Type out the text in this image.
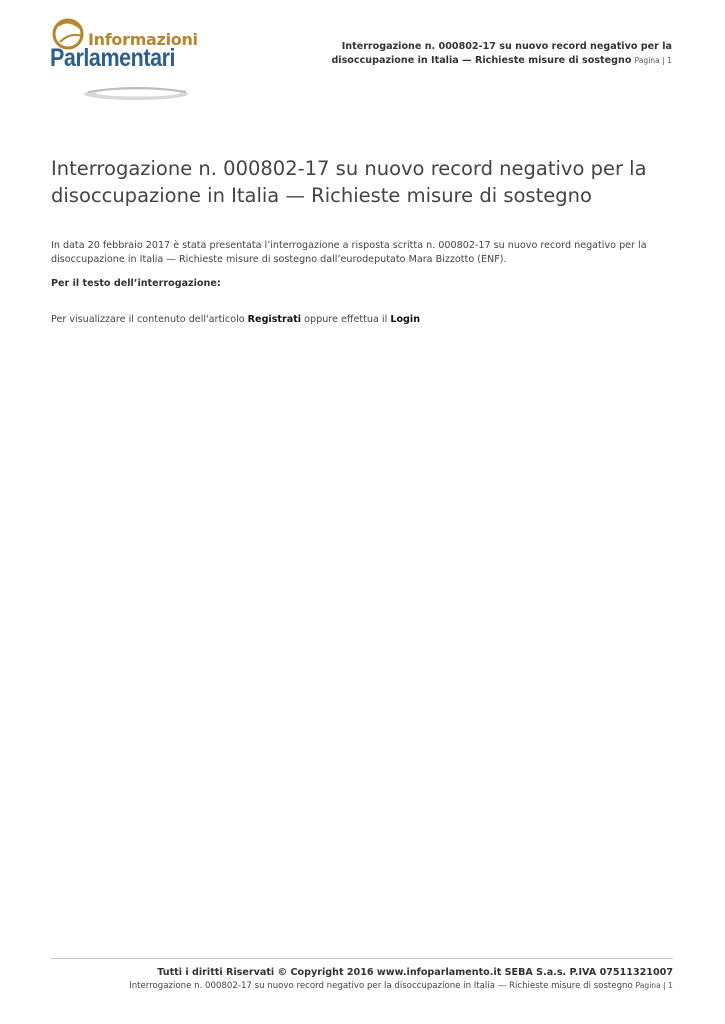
Informazioni
Parlamentari	Interrogazione n. 000802-17 su nuovo record negativo per la disoccupazione in Italia — Richieste misure di sostegno Pagina | 1
Interrogazione n. 000802-17 su nuovo record negativo per la disoccupazione in Italia — Richieste misure di sostegno

In data 20 febbraio 2017 è stata presentata l’interrogazione a risposta scritta n. 000802-17 su nuovo record negativo per la disoccupazione in Italia — Richieste misure di sostegno dall’eurodeputato Mara Bizzotto (ENF).

Per il testo dell’interrogazione:

Per visualizzare il contenuto dell'articolo Registrati oppure effettua il Login

Tutti i diritti Riservati © Copyright 2016 www.infoparlamento.it SEBA S.a.s. P.IVA 07511321007
Interrogazione n. 000802-17 su nuovo record negativo per la disoccupazione in Italia — Richieste misure di sostegno Pagina | 1
